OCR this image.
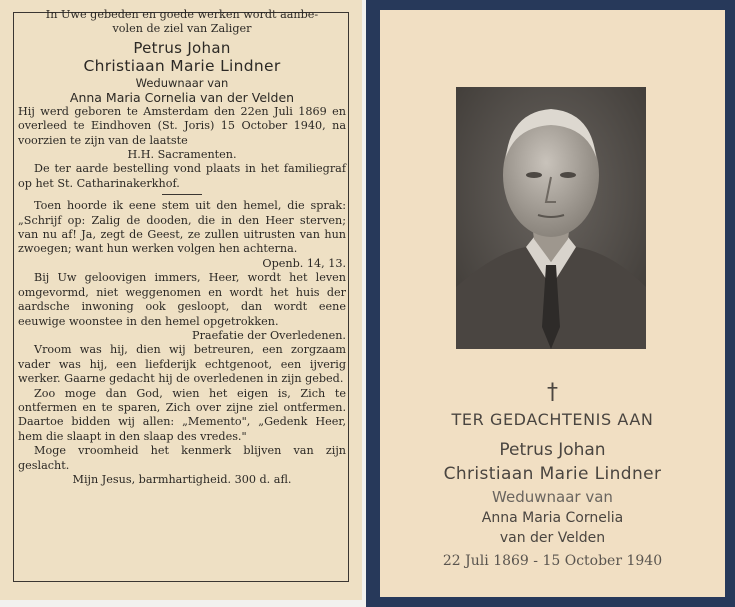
In Uwe gebeden en goede werken wordt aanbe-
volen de ziel van Zaliger
Petrus Johan
Christiaan Marie Lindner
Weduwnaar van
Anna Maria Cornelia van der Velden
Hij werd geboren te Amsterdam den 22en Juli 1869 en overleed te Eindhoven (St. Joris) 15 October 1940, na voorzien te zijn van de laatste
H.H. Sacramenten.
De ter aarde bestelling vond plaats in het familiegraf op het St. Catharinakerkhof.
Toen hoorde ik eene stem uit den hemel, die sprak: „Schrijf op: Zalig de dooden, die in den Heer sterven; van nu af! Ja, zegt de Geest, ze zullen uitrusten van hun zwoegen; want hun werken volgen hen achterna.
Openb. 14, 13.
Bij Uw geloovigen immers, Heer, wordt het leven omgevormd, niet weggenomen en wordt het huis der aardsche inwoning ook gesloopt, dan wordt eene eeuwige woonstee in den hemel opgetrokken.
Praefatie der Overledenen.
Vroom was hij, dien wij betreuren, een zorgzaam vader was hij, een liefderijk echtgenoot, een ijverig werker. Gaarne gedacht hij de overledenen in zijn gebed.
Zoo moge dan God, wien het eigen is, Zich te ontfermen en te sparen, Zich over zijne ziel ontfermen. Daartoe bidden wij allen: „Memento", „Gedenk Heer, hem die slaapt in den slaap des vredes."
Moge vroomheid het kenmerk blijven van zijn geslacht.
Mijn Jesus, barmhartigheid. 300 d. afl.
†
TER GEDACHTENIS AAN
Petrus Johan
Christiaan Marie Lindner
Weduwnaar van
Anna Maria Cornelia
van der Velden
22 Juli 1869 - 15 October 1940
